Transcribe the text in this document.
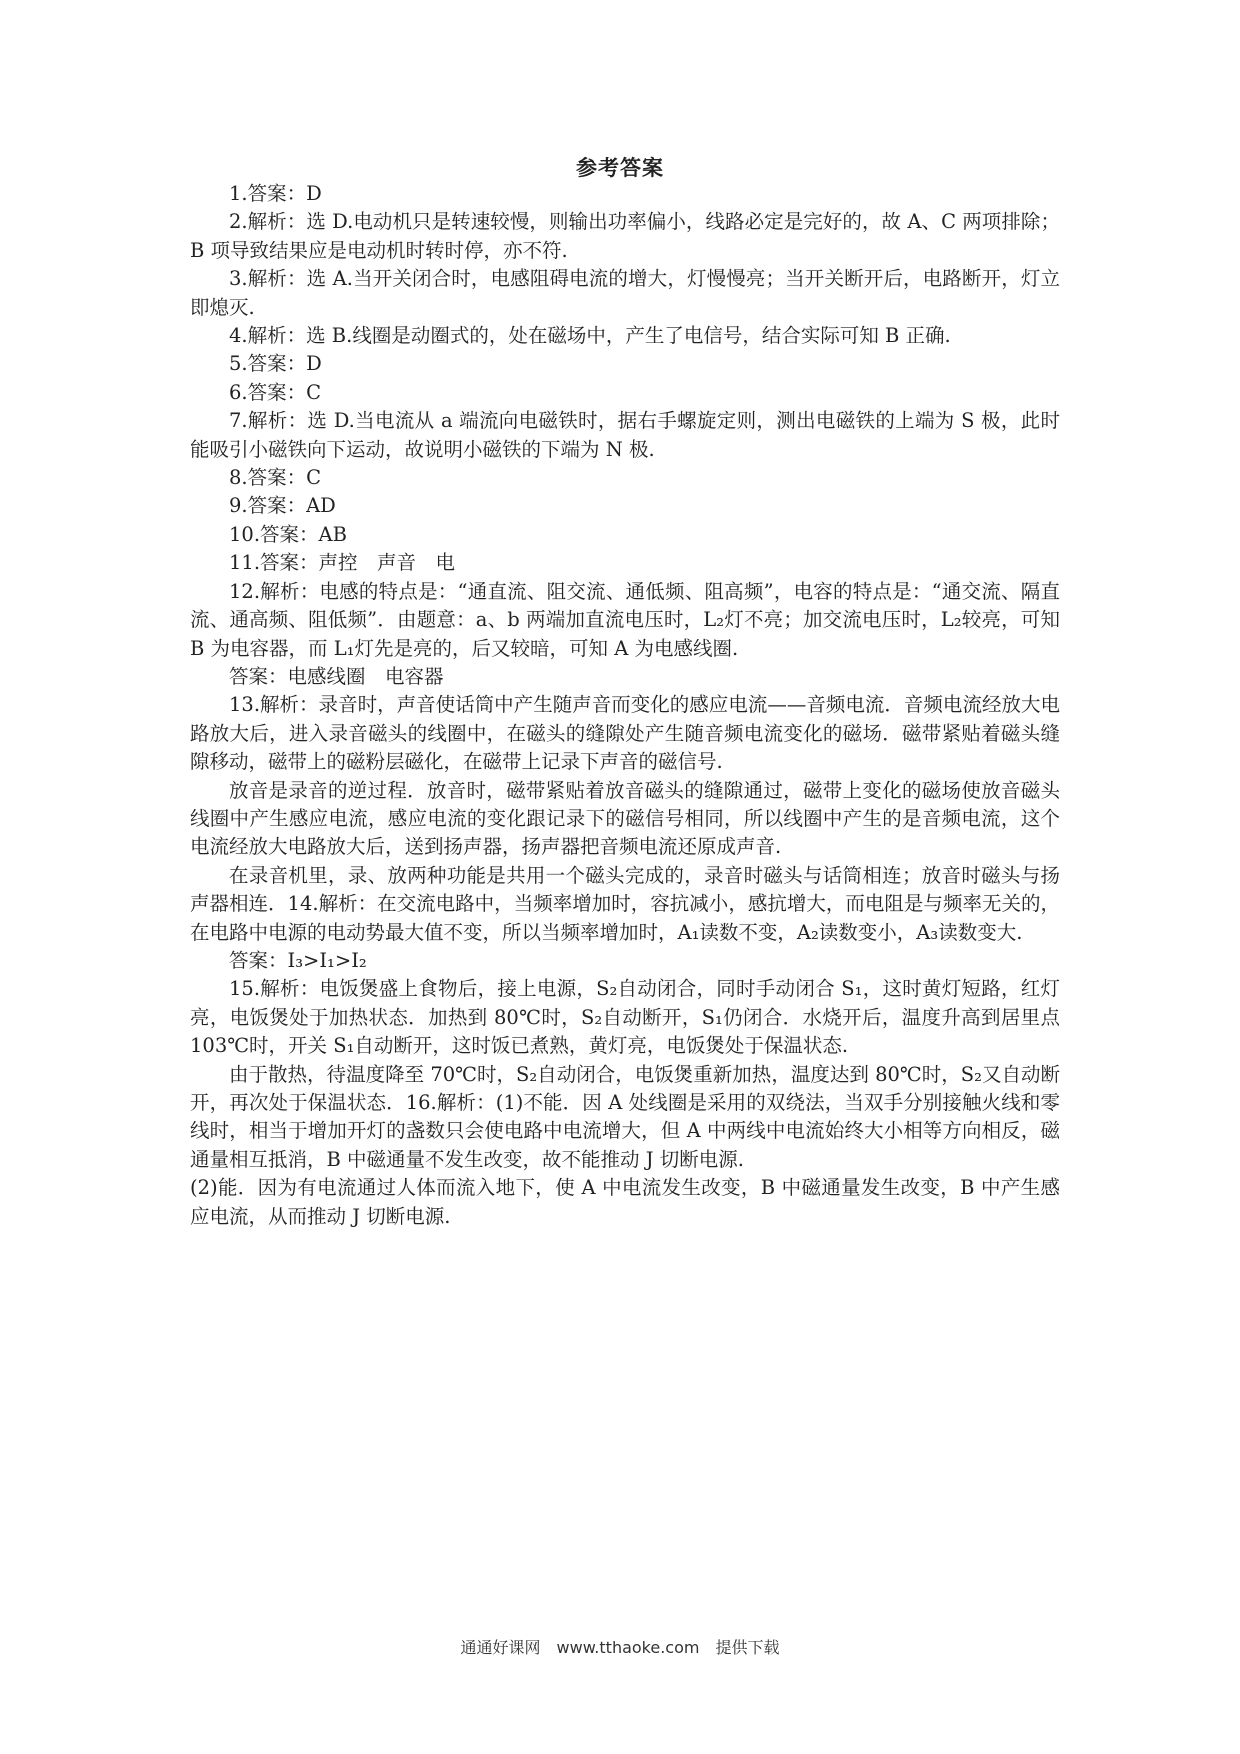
参考答案

1.答案：D

2.解析：选 D.电动机只是转速较慢，则输出功率偏小，线路必定是完好的，故 A、C 两项排除；B 项导致结果应是电动机时转时停，亦不符.

3.解析：选 A.当开关闭合时，电感阻碍电流的增大，灯慢慢亮；当开关断开后，电路断开，灯立即熄灭.

4.解析：选 B.线圈是动圈式的，处在磁场中，产生了电信号，结合实际可知 B 正确.

5.答案：D

6.答案：C

7.解析：选 D.当电流从 a 端流向电磁铁时，据右手螺旋定则，测出电磁铁的上端为 S 极，此时能吸引小磁铁向下运动，故说明小磁铁的下端为 N 极.

8.答案：C

9.答案：AD

10.答案：AB

11.答案：声控　声音　电

12.解析：电感的特点是：“通直流、阻交流、通低频、阻高频”，电容的特点是：“通交流、隔直流、通高频、阻低频”．由题意：a、b 两端加直流电压时，L₂灯不亮；加交流电压时，L₂较亮，可知 B 为电容器，而 L₁灯先是亮的，后又较暗，可知 A 为电感线圈.

答案：电感线圈　电容器

13.解析：录音时，声音使话筒中产生随声音而变化的感应电流——音频电流．音频电流经放大电路放大后，进入录音磁头的线圈中，在磁头的缝隙处产生随音频电流变化的磁场．磁带紧贴着磁头缝隙移动，磁带上的磁粉层磁化，在磁带上记录下声音的磁信号.

放音是录音的逆过程．放音时，磁带紧贴着放音磁头的缝隙通过，磁带上变化的磁场使放音磁头线圈中产生感应电流，感应电流的变化跟记录下的磁信号相同，所以线圈中产生的是音频电流，这个电流经放大电路放大后，送到扬声器，扬声器把音频电流还原成声音.

在录音机里，录、放两种功能是共用一个磁头完成的，录音时磁头与话筒相连；放音时磁头与扬声器相连．14.解析：在交流电路中，当频率增加时，容抗减小，感抗增大，而电阻是与频率无关的，在电路中电源的电动势最大值不变，所以当频率增加时，A₁读数不变，A₂读数变小，A₃读数变大.

答案：I₃>I₁>I₂

15.解析：电饭煲盛上食物后，接上电源，S₂自动闭合，同时手动闭合 S₁，这时黄灯短路，红灯亮，电饭煲处于加热状态．加热到 80℃时，S₂自动断开，S₁仍闭合．水烧开后，温度升高到居里点 103℃时，开关 S₁自动断开，这时饭已煮熟，黄灯亮，电饭煲处于保温状态.

由于散热，待温度降至 70℃时，S₂自动闭合，电饭煲重新加热，温度达到 80℃时，S₂又自动断开，再次处于保温状态．16.解析：(1)不能．因 A 处线圈是采用的双绕法，当双手分别接触火线和零线时，相当于增加开灯的盏数只会使电路中电流增大，但 A 中两线中电流始终大小相等方向相反，磁通量相互抵消，B 中磁通量不发生改变，故不能推动 J 切断电源.

(2)能．因为有电流通过人体而流入地下，使 A 中电流发生改变，B 中磁通量发生改变，B 中产生感应电流，从而推动 J 切断电源.

通通好课网　www.tthaoke.com　提供下载
